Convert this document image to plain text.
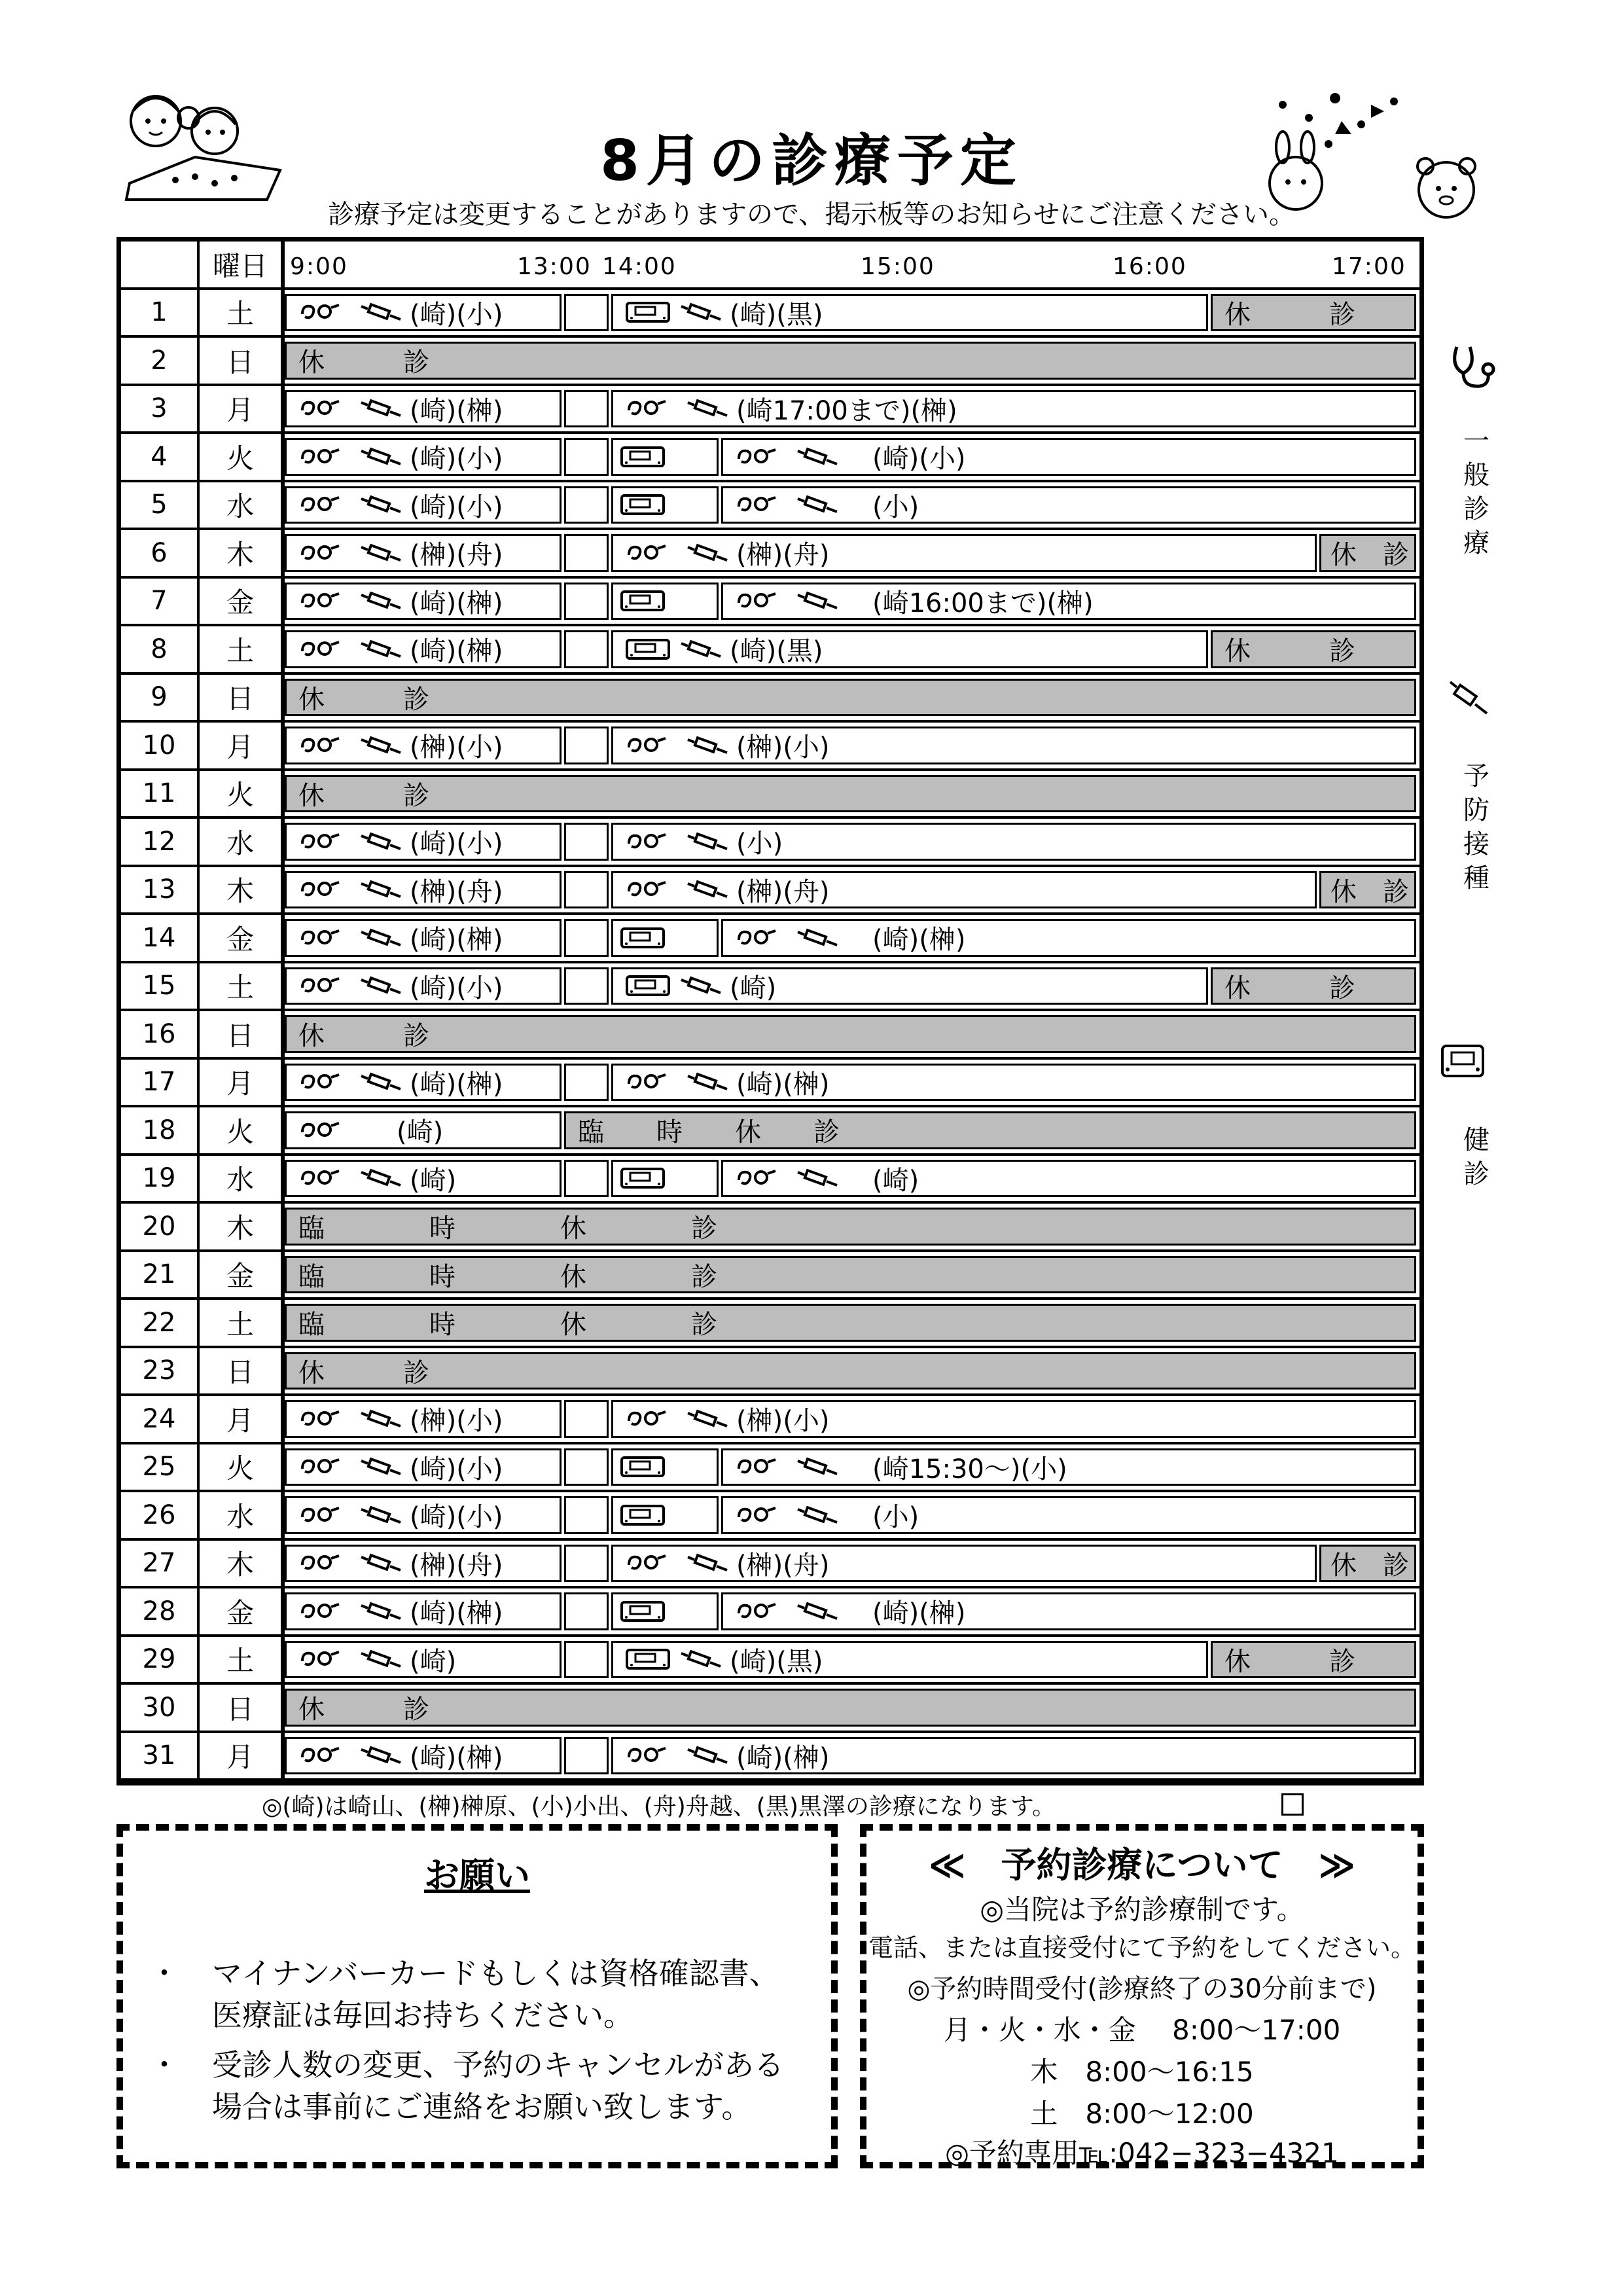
8月の診療予定
診療予定は変更することがありますので、掲示板等のお知らせにご注意ください。
曜日 9:00	13:00 14:00	15:00	16:00	17:00
1	土	(崎)(小)	(崎)(黒)	休　　　診
2	日	休　　　診
3	月	(崎)(榊)	(崎17:00まで)(榊)
4	火	(崎)(小)	(崎)(小)
5	水	(崎)(小)	(小)
6	木	(榊)(舟)	(榊)(舟)	休　診
7	金	(崎)(榊)	(崎16:00まで)(榊)
8	土	(崎)(榊)	(崎)(黒)	休　　　診
9	日	休　　　診
10	月	(榊)(小)	(榊)(小)
11	火	休　　　診
12	水	(崎)(小)	(小)
13	木	(榊)(舟)	(榊)(舟)	休　診
14	金	(崎)(榊)	(崎)(榊)
15	土	(崎)(小)	(崎)	休　　　診
16	日	休　　　診
17	月	(崎)(榊)	(崎)(榊)
18	火	(崎)	臨　　時　　休　　診
19	水	(崎)	(崎)
20	木	臨　　　　時　　　　休　　　　診
21	金	臨　　　　時　　　　休　　　　診
22	土	臨　　　　時　　　　休　　　　診
23	日	休　　　診
24	月	(榊)(小)	(榊)(小)
25	火	(崎)(小)	(崎15:30〜)(小)
26	水	(崎)(小)	(小)
27	木	(榊)(舟)	(榊)(舟)	休　診
28	金	(崎)(榊)	(崎)(榊)
29	土	(崎)	(崎)(黒)	休　　　診
30	日	休　　　診
31	月	(崎)(榊)	(崎)(榊)
一般診療
予防接種
健診
◎(崎)は崎山、(榊)榊原、(小)小出、(舟)舟越、(黒)黒澤の診療になります。
お願い
・ マイナンバーカードもしくは資格確認書、
医療証は毎回お持ちください。
・ 受診人数の変更、予約のキャンセルがある
場合は事前にご連絡をお願い致します。
≪　予約診療について　≫
◎当院は予約診療制です。
電話、または直接受付にて予約をしてください。
◎予約時間受付(診療終了の30分前まで)
月・火・水・金　 8:00〜17:00
木　8:00〜16:15
土　8:00〜12:00
◎予約専用℡:042−323−4321
